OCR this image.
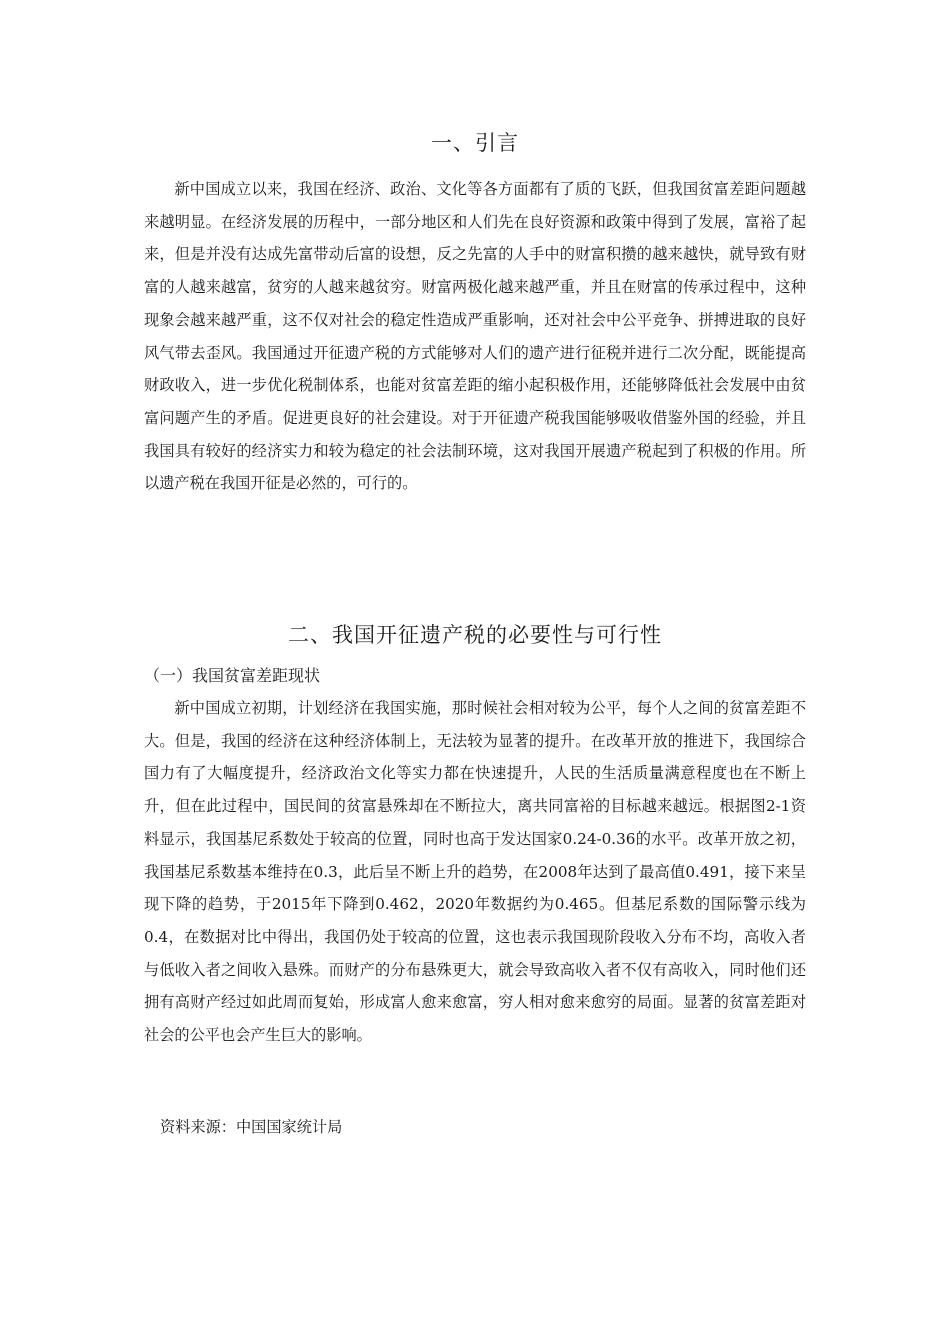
一、引言

新中国成立以来，我国在经济、政治、文化等各方面都有了质的飞跃，但我国贫富差距问题越来越明显。在经济发展的历程中，一部分地区和人们先在良好资源和政策中得到了发展，富裕了起来，但是并没有达成先富带动后富的设想，反之先富的人手中的财富积攒的越来越快，就导致有财富的人越来越富，贫穷的人越来越贫穷。财富两极化越来越严重，并且在财富的传承过程中，这种现象会越来越严重，这不仅对社会的稳定性造成严重影响，还对社会中公平竞争、拼搏进取的良好风气带去歪风。我国通过开征遗产税的方式能够对人们的遗产进行征税并进行二次分配，既能提高财政收入，进一步优化税制体系，也能对贫富差距的缩小起积极作用，还能够降低社会发展中由贫富问题产生的矛盾。促进更良好的社会建设。对于开征遗产税我国能够吸收借鉴外国的经验，并且我国具有较好的经济实力和较为稳定的社会法制环境，这对我国开展遗产税起到了积极的作用。所以遗产税在我国开征是必然的，可行的。

二、我国开征遗产税的必要性与可行性
（一）我国贫富差距现状

新中国成立初期，计划经济在我国实施，那时候社会相对较为公平，每个人之间的贫富差距不大。但是，我国的经济在这种经济体制上，无法较为显著的提升。在改革开放的推进下，我国综合国力有了大幅度提升，经济政治文化等实力都在快速提升，人民的生活质量满意程度也在不断上升，但在此过程中，国民间的贫富悬殊却在不断拉大，离共同富裕的目标越来越远。根据图2-1资料显示，我国基尼系数处于较高的位置，同时也高于发达国家0.24-0.36的水平。改革开放之初，我国基尼系数基本维持在0.3，此后呈不断上升的趋势，在2008年达到了最高值0.491，接下来呈现下降的趋势，于2015年下降到0.462，2020年数据约为0.465。但基尼系数的国际警示线为0.4，在数据对比中得出，我国仍处于较高的位置，这也表示我国现阶段收入分布不均，高收入者与低收入者之间收入悬殊。而财产的分布悬殊更大，就会导致高收入者不仅有高收入，同时他们还拥有高财产经过如此周而复始，形成富人愈来愈富，穷人相对愈来愈穷的局面。显著的贫富差距对社会的公平也会产生巨大的影响。

资料来源：中国国家统计局
